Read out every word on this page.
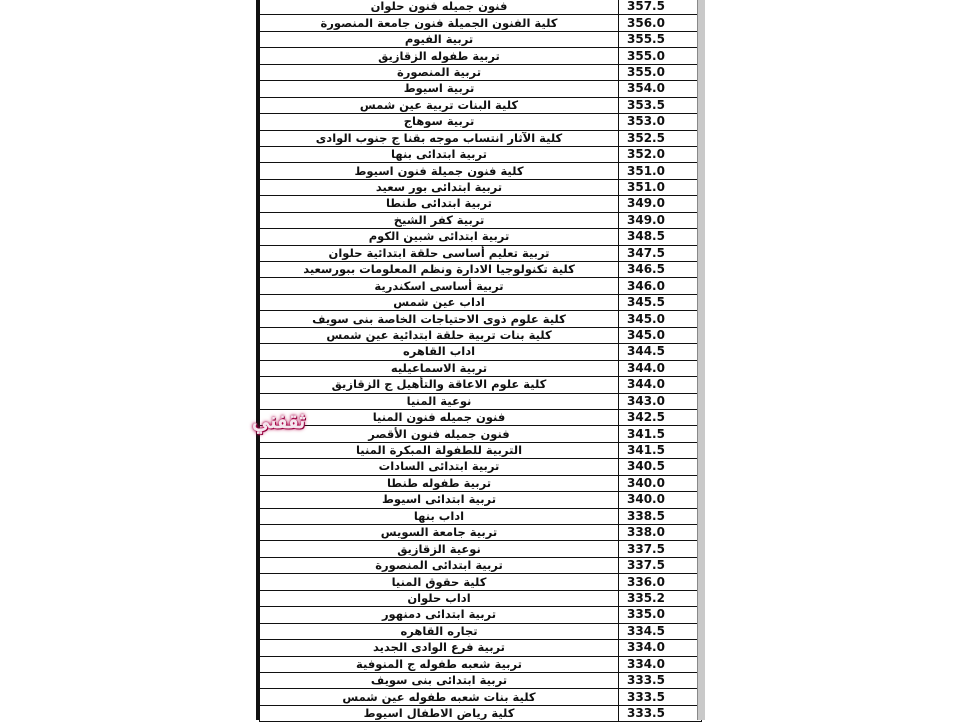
فنون جميله فنون حلوان	357.5
كلية الفنون الجميلة فنون جامعة المنصورة	356.0
تربية الفيوم	355.5
تربية طفوله الزقازيق	355.0
تربية المنصورة	355.0
تربية اسيوط	354.0
كلية البنات تربية عين شمس	353.5
تربية سوهاج	353.0
كلية الآثار انتساب موجه بقنا ج جنوب الوادى	352.5
تربية ابتدائى بنها	352.0
كلية فنون جميلة فنون اسيوط	351.0
تربية ابتدائى بور سعيد	351.0
تربية ابتدائى طنطا	349.0
تربية كفر الشيخ	349.0
تربية ابتدائى شبين الكوم	348.5
تربية تعليم أساسى حلقة ابتدائية حلوان	347.5
كلية تكنولوجيا الادارة ونظم المعلومات ببورسعيد	346.5
تربية أساسى اسكندرية	346.0
اداب عين شمس	345.5
كلية علوم ذوى الاحتياجات الخاصة بنى سويف	345.0
كلية بنات تربية حلقة ابتدائية عين شمس	345.0
اداب القاهره	344.5
تربية الاسماعيليه	344.0
كلية علوم الاعاقة والتأهيل ج الزقازيق	344.0
نوعية المنيا	343.0
فنون جميله فنون المنيا	342.5
فنون جميله فنون الأقصر	341.5
التربية للطفولة المبكرة المنيا	341.5
تربية ابتدائى السادات	340.5
تربية طفوله طنطا	340.0
تربية ابتدائى اسيوط	340.0
اداب بنها	338.5
تربية جامعة السويس	338.0
نوعية الزقازيق	337.5
تربية ابتدائى المنصورة	337.5
كلية حقوق المنيا	336.0
اداب حلوان	335.2
تربية ابتدائى دمنهور	335.0
تجاره القاهره	334.5
تربية فرع الوادى الجديد	334.0
تربية شعبه طفوله ج المنوفية	334.0
تربية ابتدائى بنى سويف	333.5
كلية بنات شعبه طفوله عين شمس	333.5
كلية رياض الاطفال اسيوط	333.5
ثقفني
